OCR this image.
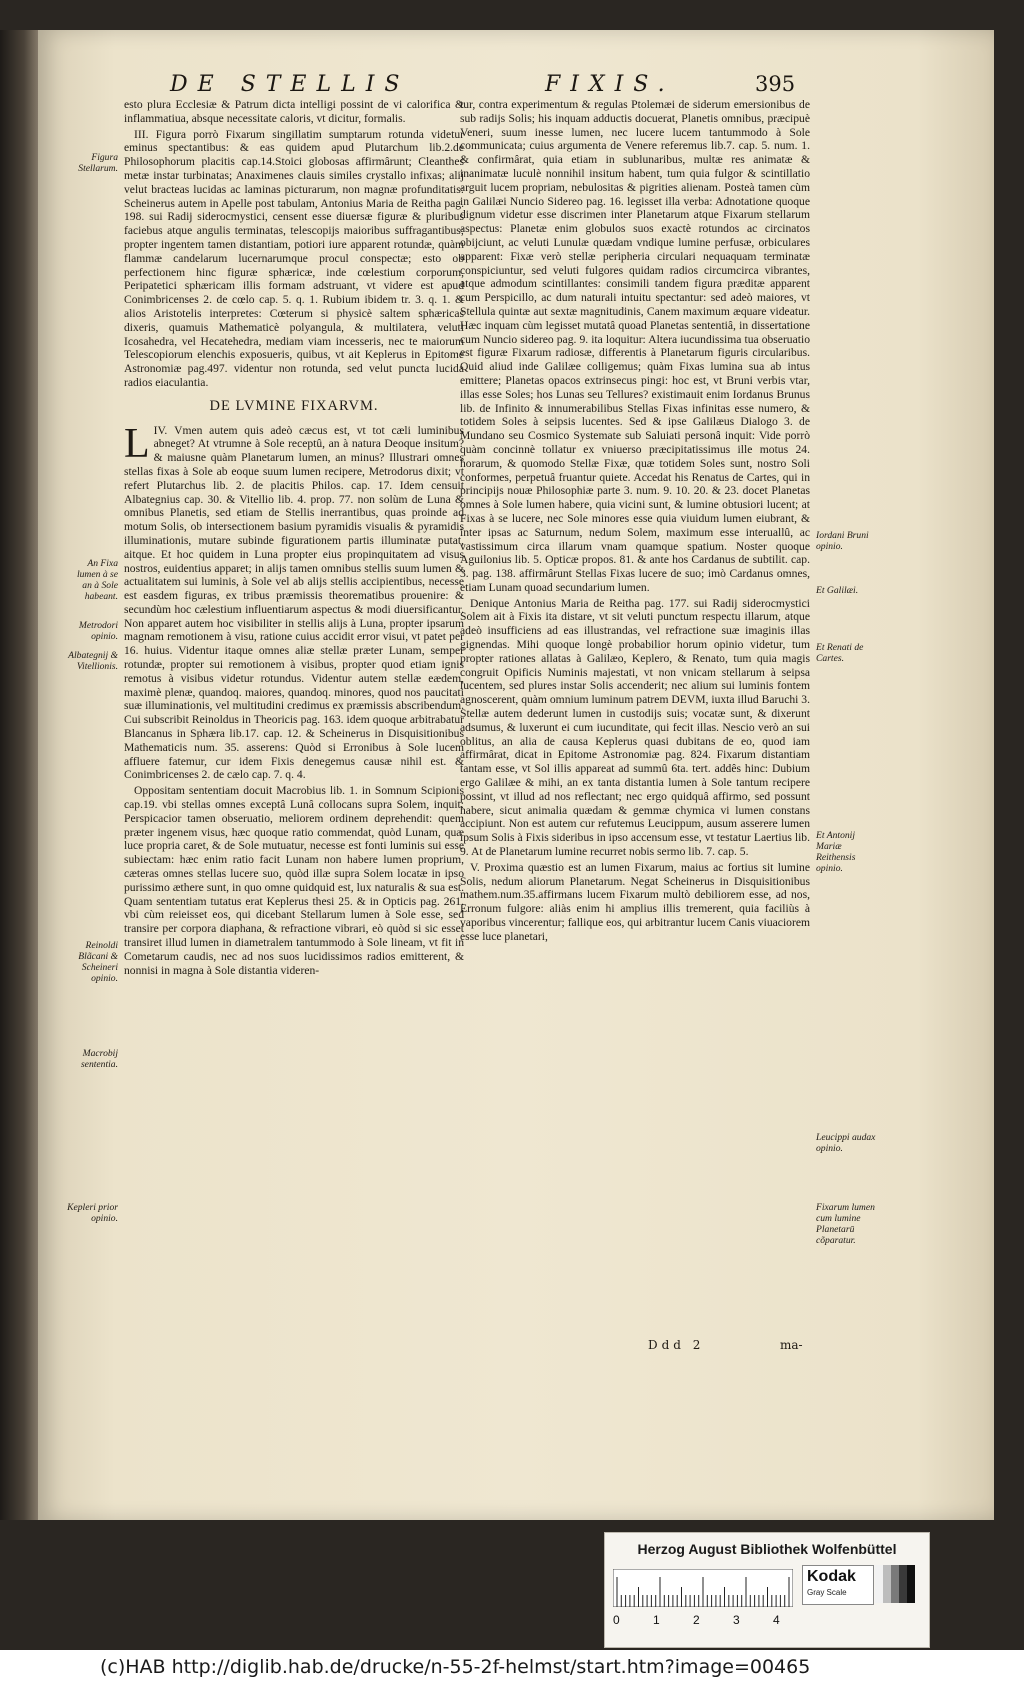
DE STELLIS	FIXIS.	395

esto plura Ecclesiæ & Patrum dicta intelligi possint de vi calorifica & inflammatiua, absque necessitate caloris, vt dicitur, formalis.

III. Figura porrò Fixarum singillatim sumptarum rotunda videtur eminus spectantibus: & eas quidem apud Plutarchum lib.2.de Philosophorum placitis cap.14.Stoici globosas affirmârunt; Cleanthes metæ instar turbinatas; Anaximenes clauis similes crystallo infixas; alij velut bracteas lucidas ac laminas picturarum, non magnæ profunditatis: Scheinerus autem in Apelle post tabulam, Antonius Maria de Reitha pag. 198. sui Radij siderocmystici, censent esse diuersæ figuræ & pluribus faciebus atque angulis terminatas, telescopijs maioribus suffragantibus; propter ingentem tamen distantiam, potiori iure apparent rotundæ, quàm flammæ candelarum lucernarumque procul conspectæ; esto ob perfectionem hinc figuræ sphæricæ, inde cœlestium corporum, Peripatetici sphæricam illis formam adstruant, vt videre est apud Conimbricenses 2. de cœlo cap. 5. q. 1. Rubium ibidem tr. 3. q. 1. & alios Aristotelis interpretes: Cœterum si physicè saltem sphæricas dixeris, quamuis Mathematicè polyangula, & multilatera, veluti Icosahedra, vel Hecatehedra, mediam viam incesseris, nec te maiorum Telescopiorum elenchis exposueris, quibus, vt ait Keplerus in Epitome Astronomiæ pag.497. videntur non rotunda, sed velut puncta lucida radios eiaculantia.

DE LVMINE FIXARVM.

IV.
L Vmen autem quis adeò cæcus est, vt tot cæli luminibus abneget? At vtrumne à Sole receptû, an à natura Deoque insitum? & maiusne quàm Planetarum lumen, an minus? Illustrari omnes stellas fixas à Sole ab eoque suum lumen recipere, Metrodorus dixit; vt refert Plutarchus lib. 2. de placitis Philos. cap. 17. Idem censuit Albategnius cap. 30. & Vitellio lib. 4. prop. 77. non solùm de Luna & omnibus Planetis, sed etiam de Stellis inerrantibus, quas proinde ad motum Solis, ob intersectionem basium pyramidis visualis & pyramidis illuminationis, mutare subinde figurationem partis illuminatæ putat, aitque. Et hoc quidem in Luna propter eius propinquitatem ad visus nostros, euidentius apparet; in alijs tamen omnibus stellis suum lumen & actualitatem sui luminis, à Sole vel ab alijs stellis accipientibus, necesse est easdem figuras, ex tribus præmissis theorematibus prouenire: & secundùm hoc cælestium influentiarum aspectus & modi diuersificantur. Non apparet autem hoc visibiliter in stellis alijs à Luna, propter ipsarum magnam remotionem à visu, ratione cuius accidit error visui, vt patet per 16. huius. Videntur itaque omnes aliæ stellæ præter Lunam, semper rotundæ, propter sui remotionem à visibus, propter quod etiam ignis remotus à visibus videtur rotundus. Videntur autem stellæ eædem, maximè plenæ, quandoq. maiores, quandoq. minores, quod nos paucitati suæ illuminationis, vel multitudini credimus ex præmissis abscribendum. Cui subscribit Reinoldus in Theoricis pag. 163. idem quoque arbitrabatur Blancanus in Sphæra lib.17. cap. 12. & Scheinerus in Disquisitionibus Mathematicis num. 35. asserens: Quòd si Erronibus à Sole lucem affluere fatemur, cur idem Fixis denegemus causæ nihil est. & Conimbricenses 2. de cælo cap. 7. q. 4.

Oppositam sententiam docuit Macrobius lib. 1. in Somnum Scipionis cap.19. vbi stellas omnes exceptâ Lunâ collocans supra Solem, inquit: Perspicacior tamen obseruatio, meliorem ordinem deprehendit: quem præter ingenem visus, hæc quoque ratio commendat, quòd Lunam, quæ luce propria caret, & de Sole mutuatur, necesse est fonti luminis sui esse subiectam: hæc enim ratio facit Lunam non habere lumen proprium, cæteras omnes stellas lucere suo, quòd illæ supra Solem locatæ in ipso purissimo æthere sunt, in quo omne quidquid est, lux naturalis & sua est. Quam sententiam tutatus erat Keplerus thesi 25. & in Opticis pag. 261. vbi cùm reieisset eos, qui dicebant Stellarum lumen à Sole esse, sed transire per corpora diaphana, & refractione vibrari, eò quòd si sic esset transiret illud lumen in diametralem tantummodo à Sole lineam, vt fit in Cometarum caudis, nec ad nos suos lucidissimos radios emitterent, & nonnisi in magna à Sole distantia videren-

tur, contra experimentum & regulas Ptolemæi de siderum emersionibus de sub radijs Solis; his inquam adductis docuerat, Planetis omnibus, præcipuè Veneri, suum inesse lumen, nec lucere lucem tantummodo à Sole communicata; cuius argumenta de Venere referemus lib.7. cap. 5. num. 1. & confirmârat, quia etiam in sublunaribus, multæ res animatæ & inanimatæ luculè nonnihil insitum habent, tum quia fulgor & scintillatio arguit lucem propriam, nebulositas & pigrities alienam. Posteà tamen cùm in Galilæi Nuncio Sidereo pag. 16. legisset illa verba: Adnotatione quoque dignum videtur esse discrimen inter Planetarum atque Fixarum stellarum aspectus: Planetæ enim globulos suos exactè rotundos ac circinatos obijciunt, ac veluti Lunulæ quædam vndique lumine perfusæ, orbiculares apparent: Fixæ verò stellæ peripheria circulari nequaquam terminatæ conspiciuntur, sed veluti fulgores quidam radios circumcirca vibrantes, atque admodum scintillantes: consimili tandem figura præditæ apparent cum Perspicillo, ac dum naturali intuitu spectantur: sed adeò maiores, vt Stellula quintæ aut sextæ magnitudinis, Canem maximum æquare videatur. Hæc inquam cùm legisset mutatâ quoad Planetas sententiâ, in dissertatione cum Nuncio sidereo pag. 9. ita loquitur: Altera iucundissima tua obseruatio est figuræ Fixarum radiosæ, differentis à Planetarum figuris circularibus. Quid aliud inde Galilæe colligemus; quàm Fixas lumina sua ab intus emittere; Planetas opacos extrinsecus pingi: hoc est, vt Bruni verbis vtar, illas esse Soles; hos Lunas seu Tellures? existimauit enim Iordanus Brunus lib. de Infinito & innumerabilibus Stellas Fixas infinitas esse numero, & totidem Soles à seipsis lucentes. Sed & ipse Galilæus Dialogo 3. de Mundano seu Cosmico Systemate sub Saluiati personâ inquit: Vide porrò quàm concinnè tollatur ex vniuerso præcipitatissimus ille motus 24. horarum, & quomodo Stellæ Fixæ, quæ totidem Soles sunt, nostro Soli conformes, perpetuâ fruantur quiete. Accedat his Renatus de Cartes, qui in principijs nouæ Philosophiæ parte 3. num. 9. 10. 20. & 23. docet Planetas omnes à Sole lumen habere, quia vicini sunt, & lumine obtusiori lucent; at Fixas à se lucere, nec Sole minores esse quia viuidum lumen eiubrant, & inter ipsas ac Saturnum, nedum Solem, maximum esse interuallû, ac vastissimum circa illarum vnam quamque spatium. Noster quoque Aguilonius lib. 5. Opticæ propos. 81. & ante hos Cardanus de subtilit. cap. 3. pag. 138. affirmârunt Stellas Fixas lucere de suo; imò Cardanus omnes, etiam Lunam quoad secundarium lumen.

Denique Antonius Maria de Reitha pag. 177. sui Radij siderocmystici Solem ait à Fixis ita distare, vt sit veluti punctum respectu illarum, atque adeò insufficiens ad eas illustrandas, vel refractione suæ imaginis illas gignendas. Mihi quoque longè probabilior horum opinio videtur, tum propter rationes allatas à Galilæo, Keplero, & Renato, tum quia magis congruit Opificis Numinis majestati, vt non vnicam stellarum à seipsa lucentem, sed plures instar Solis accenderit; nec alium sui luminis fontem agnoscerent, quàm omnium luminum patrem DEVM, iuxta illud Baruchi 3. Stellæ autem dederunt lumen in custodijs suis; vocatæ sunt, & dixerunt adsumus, & luxerunt ei cum iucunditate, qui fecit illas. Nescio verò an sui oblitus, an alia de causa Keplerus quasi dubitans de eo, quod iam affirmârat, dicat in Epitome Astronomiæ pag. 824. Fixarum distantiam tantam esse, vt Sol illis appareat ad summû 6ta. tert. addês hinc: Dubium ergo Galilæe & mihi, an ex tanta distantia lumen à Sole tantum recipere possint, vt illud ad nos reflectant; nec ergo quidquâ affirmo, sed possunt habere, sicut animalia quædam & gemmæ chymica vi lumen constans accipiunt. Non est autem cur refutemus Leucippum, ausum asserere lumen ipsum Solis à Fixis sideribus in ipso accensum esse, vt testatur Laertius lib. 9. At de Planetarum lumine recurret nobis sermo lib. 7. cap. 5.

V. Proxima quæstio est an lumen Fixarum, maius ac fortius sit lumine Solis, nedum aliorum Planetarum. Negat Scheinerus in Disquisitionibus mathem.num.35.affirmans lucem Fixarum multò debiliorem esse, ad nos, Erronum fulgore: aliàs enim hi amplius illis tremerent, quia faciliùs à vaporibus vincerentur; fallique eos, qui arbitrantur lucem Canis viuaciorem esse luce planetari,

Ddd 2	ma-
Figura Stellarum.
An Fixa lumen à se an à Sole habeant.
Metrodori opinio.
Albategnij & Vitellionis.
Reinoldi Blãcani & Scheineri opinio.
Macrobij sententia.
Kepleri prior opinio.
Iordani Bruni opinio.
Et Galilæi.
Et Renati de Cartes.
Et Antonij Mariæ Reithensis opinio.
Leucippi audax opinio.
Fixarum lumen cum lumine Planetarū cõparatur.
Herzog August Bibliothek Wolfenbüttel
0	1	2	3	4
Kodak
Gray Scale
(c)HAB http://diglib.hab.de/drucke/n-55-2f-helmst/start.htm?image=00465
